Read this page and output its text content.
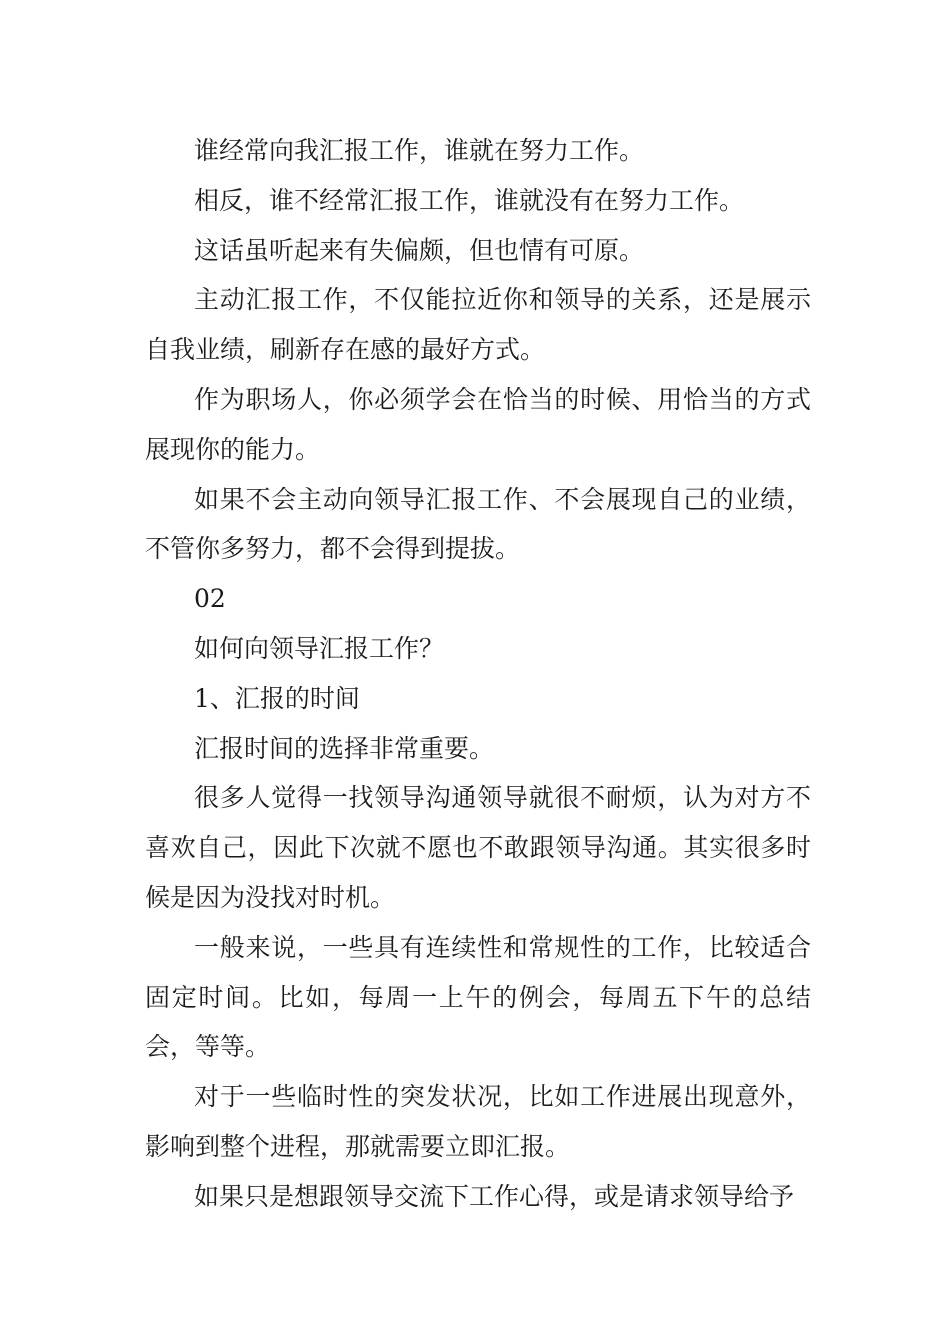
谁经常向我汇报工作，谁就在努力工作。

相反，谁不经常汇报工作，谁就没有在努力工作。

这话虽听起来有失偏颇，但也情有可原。

主动汇报工作，不仅能拉近你和领导的关系，还是展示自我业绩，刷新存在感的最好方式。

作为职场人，你必须学会在恰当的时候、用恰当的方式展现你的能力。

如果不会主动向领导汇报工作、不会展现自己的业绩，不管你多努力，都不会得到提拔。

02

如何向领导汇报工作？

1、汇报的时间

汇报时间的选择非常重要。

很多人觉得一找领导沟通领导就很不耐烦，认为对方不喜欢自己，因此下次就不愿也不敢跟领导沟通。其实很多时候是因为没找对时机。

一般来说，一些具有连续性和常规性的工作，比较适合固定时间。比如，每周一上午的例会，每周五下午的总结会，等等。

对于一些临时性的突发状况，比如工作进展出现意外，影响到整个进程，那就需要立即汇报。

如果只是想跟领导交流下工作心得，或是请求领导给予
